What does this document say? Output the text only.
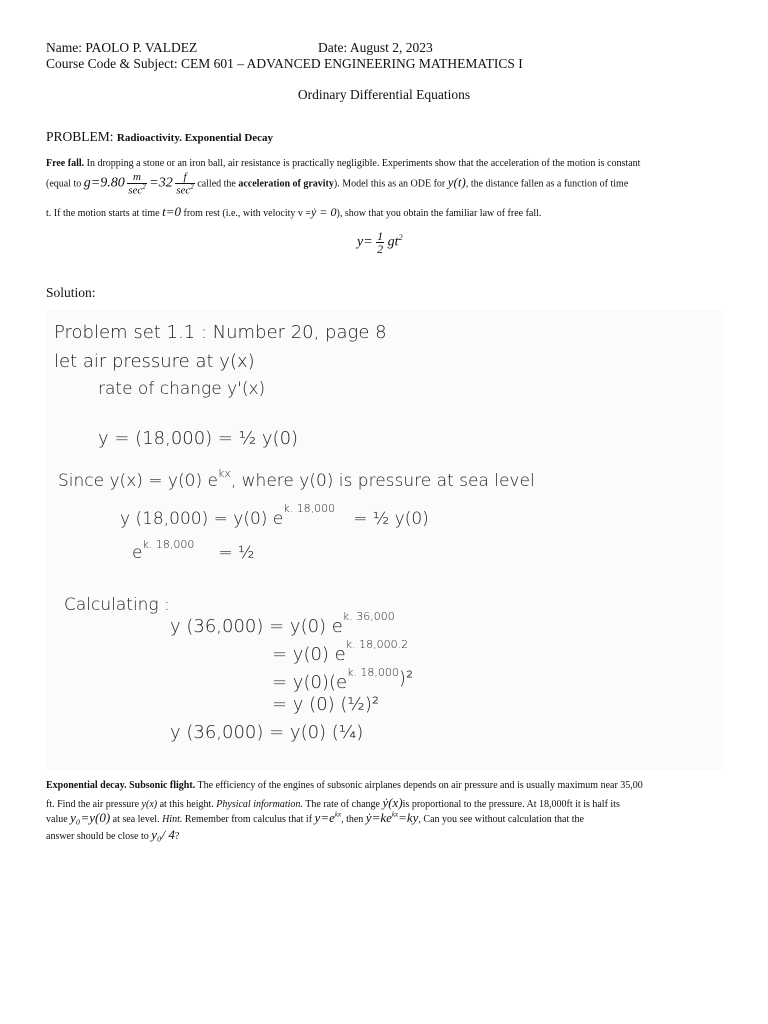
Name: PAOLO P. VALDEZ	Date: August 2, 2023
Course Code & Subject: CEM 601 – ADVANCED ENGINEERING MATHEMATICS I
Ordinary Differential Equations
PROBLEM: Radioactivity. Exponential Decay
Free fall. In dropping a stone or an iron ball, air resistance is practically negligible. Experiments show that the acceleration of the motion is constant
(equal to $g=9.80 \frac{m}{\sec^2} =32 \frac{f}{\sec^2}$ called the acceleration of gravity). Model this as an ODE for y(t), the distance fallen as a function of time
t. If the motion starts at time t=0 from rest (i.e., with velocity v =ẏ = 0), show that you obtain the familiar law of free fall.
$y= \frac{1}{2} gt^2$
Solution:
Problem set 1.1 : Number 20, page 8
let air pressure at y(x)
rate of change y'(x)
y = (18,000) = ½ y(0)
Since y(x) = y(0) $e^{kx}$, where y(0) is pressure at sea level
y (18,000) = y(0) $e^{k. 18,000}=$ ½ y(0)
$e^{k. 18,000}$ = ½
Calculating :
y (36,000) = y(0) $e^{k. 36,000}$
= y(0) $e^{k. 18,000.2}$
= $y(0)(e^{k. 18,000})^2$
= y (0) (½)²
y (36,000) = y(0) (¼)
Exponential decay. Subsonic flight. The efficiency of the engines of subsonic airplanes depends on air pressure and is usually maximum near 35,00
ft. Find the air pressure y(x) at this height. Physical information. The rate of change ẏ(x)is proportional to the pressure. At 18,000ft it is half its
value y₀=y(0) at sea level. Hint. Remember from calculus that if $y=e^{kx}$, then $ẏ=ke^{kx}=ky$, Can you see without calculation that the
answer should be close to y₀/ 4?
